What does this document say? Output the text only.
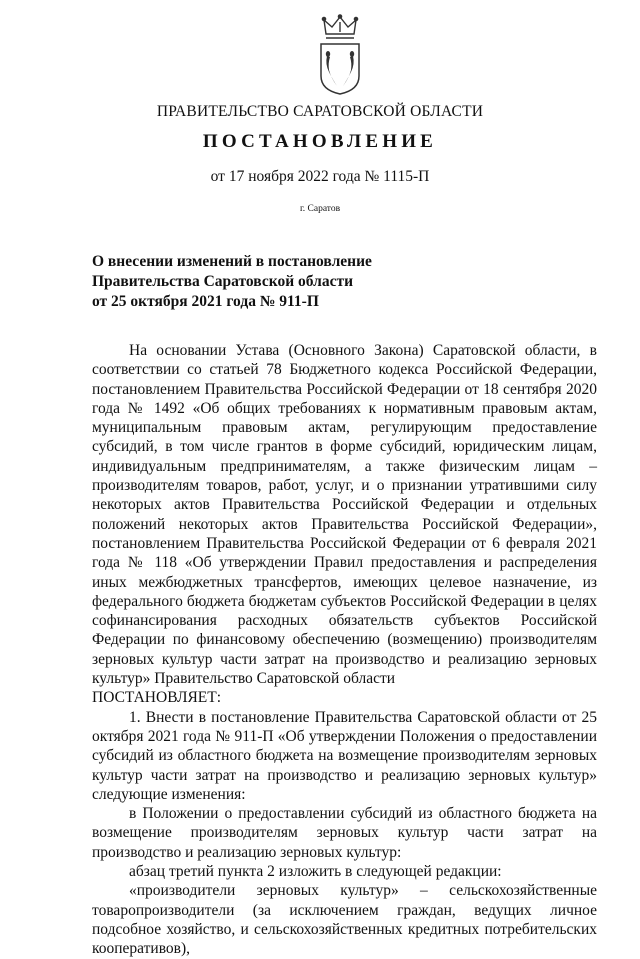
ПРАВИТЕЛЬСТВО САРАТОВСКОЙ ОБЛАСТИ
ПОСТАНОВЛЕНИЕ
от 17 ноября 2022 года № 1115-П
г. Саратов
О внесении изменений в постановление
Правительства Саратовской области
от 25 октября 2021 года № 911-П

На основании Устава (Основного Закона) Саратовской области, в соответствии со статьей 78 Бюджетного кодекса Российской Федерации, постановлением Правительства Российской Федерации от 18 сентября 2020 года № 1492 «Об общих требованиях к нормативным правовым актам, муниципальным правовым актам, регулирующим предоставление субсидий, в том числе грантов в форме субсидий, юридическим лицам, индивидуальным предпринимателям, а также физическим лицам – производителям товаров, работ, услуг, и о признании утратившими силу некоторых актов Правительства Российской Федерации и отдельных положений некоторых актов Правительства Российской Федерации», постановлением Правительства Российской Федерации от 6 февраля 2021 года № 118 «Об утверждении Правил предоставления и распределения иных межбюджетных трансфертов, имеющих целевое назначение, из федерального бюджета бюджетам субъектов Российской Федерации в целях софинансирования расходных обязательств субъектов Российской Федерации по финансовому обеспечению (возмещению) производителям зерновых культур части затрат на производство и реализацию зерновых культур» Правительство Саратовской области

ПОСТАНОВЛЯЕТ:

1. Внести в постановление Правительства Саратовской области от 25 октября 2021 года № 911-П «Об утверждении Положения о предоставлении субсидий из областного бюджета на возмещение производителям зерновых культур части затрат на производство и реализацию зерновых культур» следующие изменения:

в Положении о предоставлении субсидий из областного бюджета на возмещение производителям зерновых культур части затрат на производство и реализацию зерновых культур:

абзац третий пункта 2 изложить в следующей редакции:

«производители зерновых культур» – сельскохозяйственные товаропроизводители (за исключением граждан, ведущих личное подсобное хозяйство, и сельскохозяйственных кредитных потребительских кооперативов),
